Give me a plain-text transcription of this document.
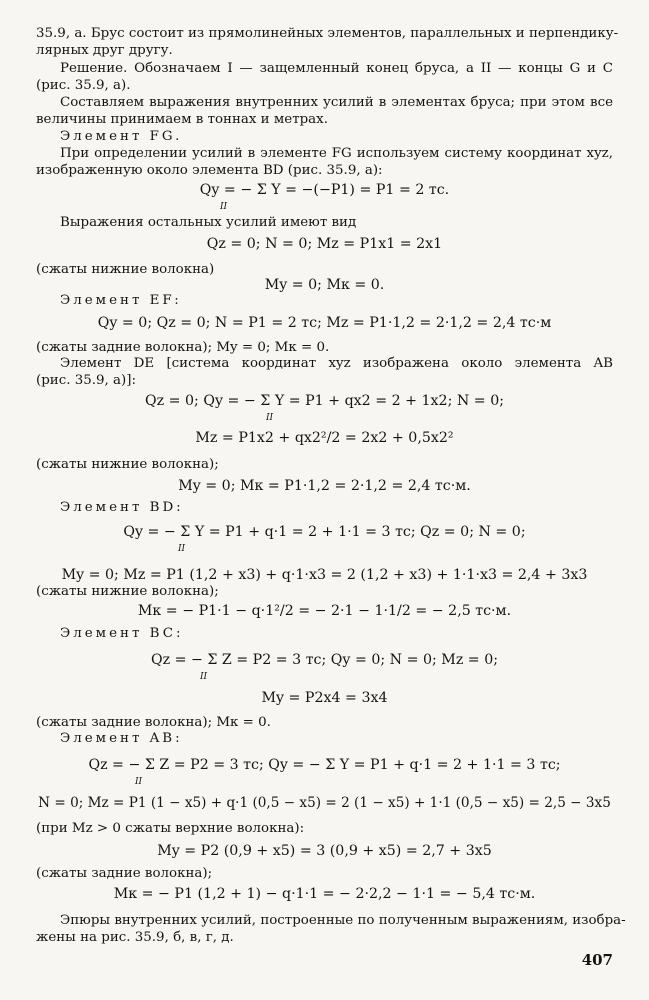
35.9, а. Брус состоит из прямолинейных элементов, параллельных и перпендику-
лярных друг другу.
Решение. Обозначаем I — защемленный конец бруса, а II — концы G и C
(рис. 35.9, а).
Составляем выражения внутренних усилий в элементах бруса; при этом все
величины принимаем в тоннах и метрах.
Элемент FG.
При определении усилий в элементе FG используем систему координат xyz,
изображенную около элемента BD (рис. 35.9, а):
Qy = − Σ Y = −(−P1) = P1 = 2 тс.
II
Выражения остальных усилий имеют вид
Qz = 0; N = 0; Mz = P1x1 = 2x1
(сжаты нижние волокна)
My = 0; Mк = 0.
Элемент EF:
Qy = 0; Qz = 0; N = P1 = 2 тс; Mz = P1·1,2 = 2·1,2 = 2,4 тс·м
(сжаты задние волокна); My = 0; Mк = 0.
Элемент DE [система координат xyz изображена около элемента AB
(рис. 35.9, а)]:
Qz = 0; Qy = − Σ Y = P1 + qx2 = 2 + 1x2; N = 0;
II
Mz = P1x2 + qx2²/2 = 2x2 + 0,5x2²
(сжаты нижние волокна);
My = 0; Mк = P1·1,2 = 2·1,2 = 2,4 тс·м.
Элемент BD:
Qy = − Σ Y = P1 + q·1 = 2 + 1·1 = 3 тс; Qz = 0; N = 0;
II
My = 0; Mz = P1 (1,2 + x3) + q·1·x3 = 2 (1,2 + x3) + 1·1·x3 = 2,4 + 3x3
(сжаты нижние волокна);
Mк = − P1·1 − q·1²/2 = − 2·1 − 1·1/2 = − 2,5 тс·м.
Элемент BC:
Qz = − Σ Z = P2 = 3 тс; Qy = 0; N = 0; Mz = 0;
II
My = P2x4 = 3x4
(сжаты задние волокна); Mк = 0.
Элемент AB:
Qz = − Σ Z = P2 = 3 тс; Qy = − Σ Y = P1 + q·1 = 2 + 1·1 = 3 тс;
II
N = 0; Mz = P1 (1 − x5) + q·1 (0,5 − x5) = 2 (1 − x5) + 1·1 (0,5 − x5) = 2,5 − 3x5
(при Mz > 0 сжаты верхние волокна):
My = P2 (0,9 + x5) = 3 (0,9 + x5) = 2,7 + 3x5
(сжаты задние волокна);
Mк = − P1 (1,2 + 1) − q·1·1 = − 2·2,2 − 1·1 = − 5,4 тс·м.
Эпюры внутренних усилий, построенные по полученным выражениям, изобра-
жены на рис. 35.9, б, в, г, д.
407
